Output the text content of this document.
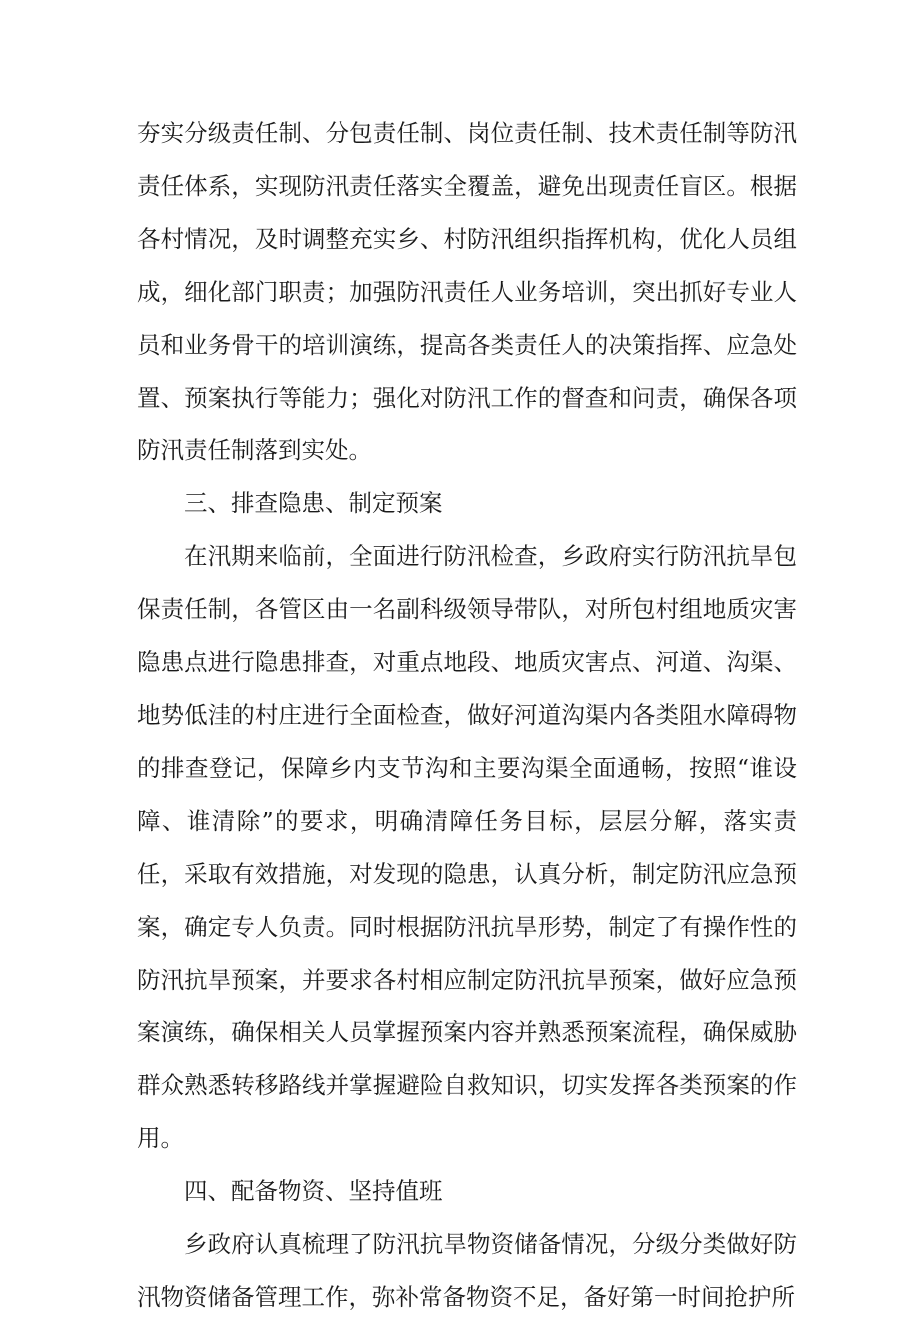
夯实分级责任制、分包责任制、岗位责任制、技术责任制等防汛责任体系，实现防汛责任落实全覆盖，避免出现责任盲区。根据各村情况，及时调整充实乡、村防汛组织指挥机构，优化人员组成，细化部门职责；加强防汛责任人业务培训，突出抓好专业人员和业务骨干的培训演练，提高各类责任人的决策指挥、应急处置、预案执行等能力；强化对防汛工作的督查和问责，确保各项防汛责任制落到实处。

三、排查隐患、制定预案

在汛期来临前，全面进行防汛检查，乡政府实行防汛抗旱包保责任制，各管区由一名副科级领导带队，对所包村组地质灾害隐患点进行隐患排查，对重点地段、地质灾害点、河道、沟渠、地势低洼的村庄进行全面检查，做好河道沟渠内各类阻水障碍物的排查登记，保障乡内支节沟和主要沟渠全面通畅，按照“谁设障、谁清除”的要求，明确清障任务目标，层层分解，落实责任，采取有效措施，对发现的隐患，认真分析，制定防汛应急预案，确定专人负责。同时根据防汛抗旱形势，制定了有操作性的防汛抗旱预案，并要求各村相应制定防汛抗旱预案，做好应急预案演练，确保相关人员掌握预案内容并熟悉预案流程，确保威胁群众熟悉转移路线并掌握避险自救知识，切实发挥各类预案的作用。

四、配备物资、坚持值班

乡政府认真梳理了防汛抗旱物资储备情况，分级分类做好防汛物资储备管理工作，弥补常备物资不足，备好第一时间抢护所
